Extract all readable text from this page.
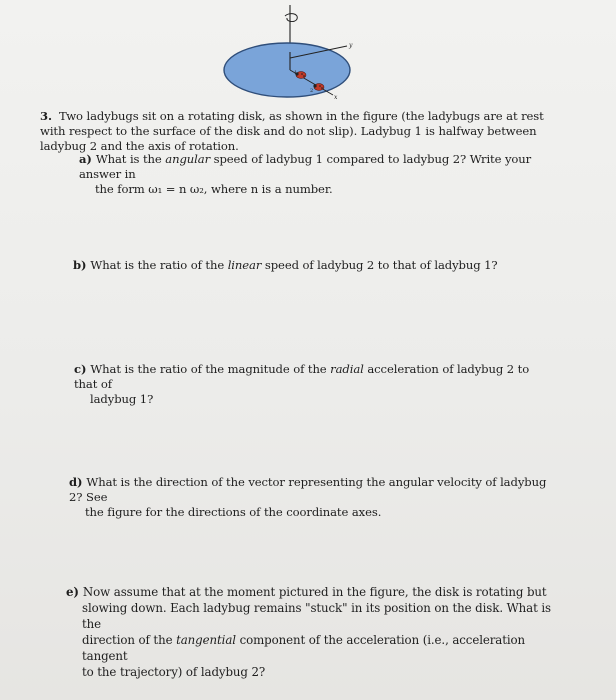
y
x
1
2
3. Two ladybugs sit on a rotating disk, as shown in the figure (the ladybugs are at rest with respect to the surface of the disk and do not slip). Ladybug 1 is halfway between ladybug 2 and the axis of rotation.
a) What is the angular speed of ladybug 1 compared to ladybug 2? Write your answer in
the form ω₁ = n ω₂, where n is a number.
b) What is the ratio of the linear speed of ladybug 2 to that of ladybug 1?
c) What is the ratio of the magnitude of the radial acceleration of ladybug 2 to that of
ladybug 1?
d) What is the direction of the vector representing the angular velocity of ladybug 2? See
the figure for the directions of the coordinate axes.
e) Now assume that at the moment pictured in the figure, the disk is rotating but
slowing down. Each ladybug remains "stuck" in its position on the disk. What is the
direction of the tangential component of the acceleration (i.e., acceleration tangent
to the trajectory) of ladybug 2?
